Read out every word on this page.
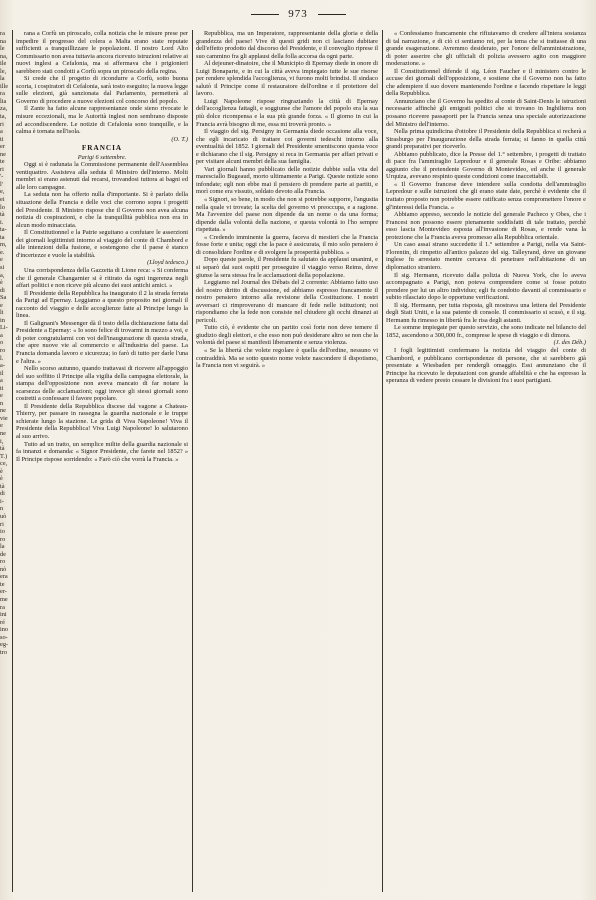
973
ra
na
le
na,
ile
le,
la
ille
ra
lia
za,
ta,
ri
a
ti
er
ne
te
ri
'-
l'
e,
ei
lo
tà
i.
ta-
ta
m,
e.
e
si
a,
è
di
Sa
e
li
in
Li-
a
o
ro
l.
a-
il
a
ti
e
n
ne
vie
e
ne
i,
tà
T.)
ce,
è
è
tà
di
i-
n
uò
ri
io
ro
la
de
ro
nò
era
te
er-
me
ra
ini
ré
ino
so-
eg-
tro

rana a Corfù un piroscafo, colla notizia che le misure prese per impedire il progresso del colera a Malta erano state reputate sufficienti a tranquillizzare le popolazioni. Il nostro Lord Alto Commissario non avea tuttavia ancora ricevuto istruzioni relative ai nuovi inglesi a Cefalonia, ma si affermava che i prigionieri sarebbero stati condotti a Corfù sopra un piroscafo della regina.

Si crede che il progetto di ricondurre a Corfù, sotto buona scorta, i cospiratori di Cefalonia, sarà tosto eseguito; la nuova legge sulle elezioni, già sanzionata dal Parlamento, permetterà al Governo di procedere a nuove elezioni col concorso del popolo.

Il Zante ha fatto alcune rappresentanze onde sieno rivocate le misure eccezionali, ma le Autorità inglesi non sembrano disposte ad accondiscendere. Le notizie di Cefalonia sono tranquille, e la calma è tornata nell'isola.

(O. T.)

FRANCIA

Parigi 6 settembre.

Oggi si è radunata la Commissione permanente dell'Assemblea ventiquattro. Assisteva alla seduta il Ministro dell'interno. Molti membri si erano astenuti dal recarsi, trovandosi tuttora ai bagni ed alle loro campagne.

La seduta non ha offerto nulla d'importante. Si è parlato della situazione della Francia e delle voci che corrono sopra i progetti del Presidente. Il Ministro rispose che il Governo non avea alcuna notizia di cospirazioni, e che la tranquillità pubblica non era in alcun modo minacciata.

Il Constitutionnel e la Patrie seguitano a confutare le asserzioni dei giornali legittimisti intorno al viaggio del conte di Chambord e alle intenzioni della fusione, e sostengono che il paese è stanco d'incertezze e vuole la stabilità.

(Lloyd tedesco.)

Una corrispondenza della Gazzetta di Lione reca: « Si conferma che il generale Changarnier si è ritirato da ogni ingerenza negli affari politici e non riceve più alcuno dei suoi antichi amici. »

Il Presidente della Repubblica ha inaugurato il 2 la strada ferrata da Parigi ad Epernay. Leggiamo a questo proposito nei giornali il racconto del viaggio e delle accoglienze fatte al Principe lungo la linea.

Il Galignani's Messenger dà il testo della dichiarazione fatta dal Presidente a Epernay: « Io sono felice di trovarmi in mezzo a voi, e di poter congratularmi con voi dell'inaugurazione di questa strada, che apre nuove vie al commercio e all'industria del paese. La Francia domanda lavoro e sicurezza; io farò di tutto per darle l'una e l'altra. »

Nello scorso autunno, quando trattavasi di ricevere all'appoggio del suo soffitto il Principe alla vigilia della campagna elettorale, la stampa dell'opposizione non aveva mancato di far notare la scarsezza delle acclamazioni; oggi invece gli stessi giornali sono costretti a confessare il favore popolare.

Il Presidente della Repubblica discese dal vagone a Chateau-Thierry, per passare in rassegna la guardia nazionale e le truppe schierate lungo la stazione. Le grida di Viva Napoleone! Viva il Presidente della Repubblica! Viva Luigi Napoleone! lo salutarono al suo arrivo.

Tutto ad un tratto, un semplice milite della guardia nazionale si fa innanzi e domanda: « Signor Presidente, che farete nel 1852? » Il Principe rispose sorridendo: « Farò ciò che vorrà la Francia. »

Repubblica, ma un Imperatore, rappresentante della gloria e della grandezza del paese! Vive di questi gridi non ci lasciano dubitare dell'effetto prodotto dal discorso del Presidente, e il convoglio riprese il suo cammino fra gli applausi della folla accorsa da ogni parte.

Al dejeuner-dinatoire, che il Municipio di Epernay diede in onore di Luigi Bonaparte, e in cui la città aveva impiegato tutte le sue risorse per rendere splendida l'accoglienza, vi furono molti brindisi. Il sindaco salutò il Principe come il restauratore dell'ordine e il protettore del lavoro.

Luigi Napoleone rispose ringraziando la città di Epernay dell'accoglienza fattagli, e soggiunse che l'amore del popolo era la sua più dolce ricompensa e la sua più grande forza. « Il giorno in cui la Francia avrà bisogno di me, essa mi troverà pronto. »

Il viaggio del sig. Persigny in Germania diede occasione alla voce, che egli incaricato di trattare coi governi tedeschi intorno alla eventualità del 1852. I giornali del Presidente smentiscono questa voce e dichiarano che il sig. Persigny si reca in Germania per affari privati e per visitare alcuni membri della sua famiglia.

Vari giornali hanno pubblicato delle notizie dubbie sulla vita del maresciallo Bugeaud, morto ultimamente a Parigi. Queste notizie sono infondate; egli non ebbe mai il pensiero di prendere parte ai partiti, e morì come era vissuto, soldato devoto alla Francia.

« Signori, so bene, in modo che non si potrebbe supporre, l'angustia nella quale vi trovate; la scelta del governo vi preoccupa, e a ragione. Ma l'avvenire del paese non dipende da un nome o da una forma; dipende dalla volontà della nazione, e questa volontà io l'ho sempre rispettata. »

« Credendo imminente la guerra, faceva di mestieri che la Francia fosse forte e unita; oggi che la pace è assicurata, il mio solo pensiero è di consolidare l'ordine e di svolgere la prosperità pubblica. »

Dopo queste parole, il Presidente fu salutato da applausi unanimi, e si separò dai suoi ospiti per proseguire il viaggio verso Reims, dove giunse la sera stessa fra le acclamazioni della popolazione.

Leggiamo nel Journal des Débats del 2 corrente: Abbiamo fatto uso del nostro diritto di discussione, ed abbiamo espresso francamente il nostro pensiero intorno alla revisione della Costituzione. I nostri avversari ci rimproverano di mancare di fede nelle istituzioni; noi rispondiamo che la fede non consiste nel chiudere gli occhi dinanzi ai pericoli.

Tutto ciò, è evidente che un partito così forte non deve temere il giudizio degli elettori, e che esso non può desiderare altro se non che la volontà del paese si manifesti liberamente e senza violenza.

« Se la libertà che volete regolare è quella dell'ordine, nessuno vi contraddirà. Ma se sotto questo nome volete nascondere il dispotismo, la Francia non vi seguirà. »

« Confessiamo francamente che rifiutavamo di credere all'intera sostanza di tal narrazione, e di ciò ci sentiamo rei, per la tema che si trattasse di una grande esagerazione. Avremmo desiderato, per l'onore dell'amministrazione, di poter asserire che gli ufficiali di polizia avessero agito con maggiore moderazione. »

Il Constitutionnel difende il sig. Léon Faucher e il ministero contro le accuse dei giornali dell'opposizione, e sostiene che il Governo non ha fatto che adempiere il suo dovere mantenendo l'ordine e facendo rispettare le leggi della Repubblica.

Annunziano che il Governo ha spedito al conte di Saint-Denis le istruzioni necessarie affinchè gli emigrati politici che si trovano in Inghilterra non possano ricevere passaporti per la Francia senza una speciale autorizzazione del Ministro dell'interno.

Nella prima quindicina d'ottobre il Presidente della Repubblica si recherà a Strasburgo per l'inaugurazione della strada ferrata; si fanno in quella città grandi preparativi per riceverlo.

Abbiamo pubblicato, dice la Presse del 1.° settembre, i progetti di trattato di pace fra l'ammiraglio Lepredour e il generale Rosas e Oribe: abbiamo aggiunto che il pretendente Governo di Montevideo, ed anche il generale Urquiza, avevano respinto queste condizioni come inaccettabili.

« Il Governo francese deve intendere sulla condotta dell'ammiraglio Lepredour e sulle istruzioni che gli erano state date, perchè è evidente che il trattato proposto non potrebbe essere ratificato senza compromettere l'onore e gl'interessi della Francia. »

Abbiamo appreso, secondo le notizie del generale Pacheco y Obes, che i Francesi non possono essere pienamente soddisfatti di tale trattato, perchè esso lascia Montevideo esposta all'invasione di Rosas, e rende vana la protezione che la Francia aveva promesso alla Repubblica orientale.

Un caso assai strano succedette il 1.° settembre a Parigi, nella via Saint-Florentin, di rimpetto all'antico palazzo del sig. Talleyrand, dove un giovane inglese fu arrestato mentre cercava di penetrare nell'abitazione di un diplomatico straniero.

Il sig. Hermann, ricevuto dalla polizia di Nuova York, che lo aveva accompagnato a Parigi, non poteva comprendere come si fosse potuto prendere per lui un altro individuo; egli fu condotto davanti al commissario e subito rilasciato dopo le opportune verificazioni.

Il sig. Hermann, per tutta risposta, gli mostrava una lettera del Presidente degli Stati Uniti, e la sua patente di console. Il commissario si scusò, e il sig. Hermann fu rimesso in libertà fra le risa degli astanti.

Le somme impiegate per questo servizio, che sono indicate nel bilancio del 1852, ascendono a 300,000 fr., comprese le spese di viaggio e di dimora.

(J. des Déb.)

I fogli legittimisti confermano la notizia del viaggio del conte di Chambord, e pubblicano corrispondenze di persone, che si sarebbero già presentate a Wiesbaden per rendergli omaggio. Essi annunziano che il Principe ha ricevuto le deputazioni con grande affabilità e che ha espresso la speranza di vedere presto cessare le divisioni fra i suoi partigiani.
